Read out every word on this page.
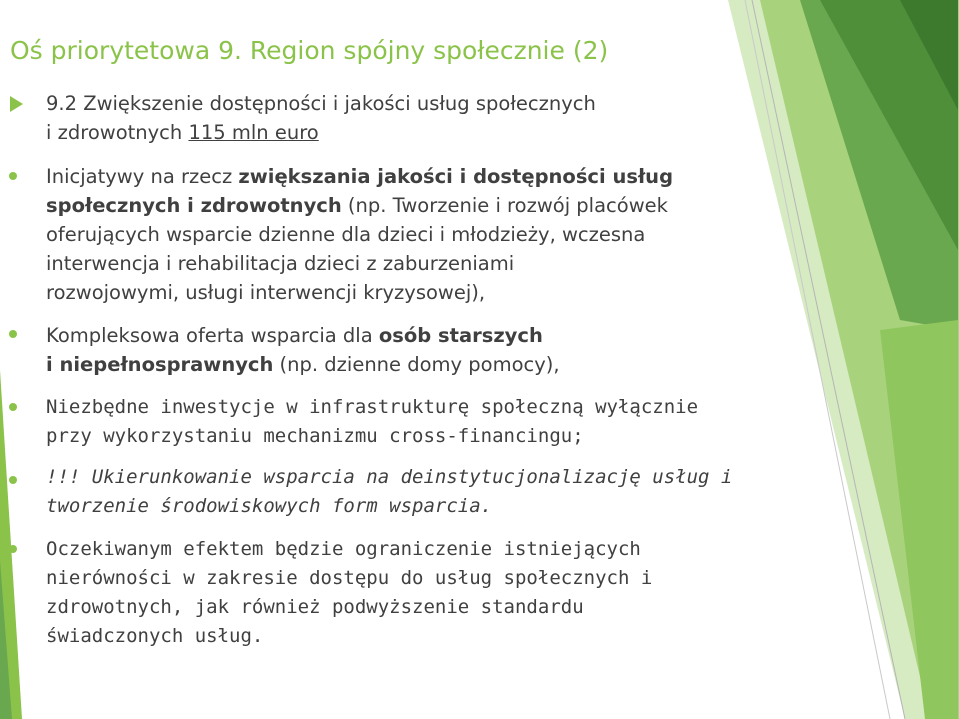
Oś priorytetowa 9. Region spójny społecznie (2)
9.2 Zwiększenie dostępności i jakości usług społecznych
i zdrowotnych 115 mln euro
Inicjatywy na rzecz zwiększania jakości i dostępności usług
społecznych i zdrowotnych (np. Tworzenie i rozwój placówek
oferujących wsparcie dzienne dla dzieci i młodzieży, wczesna
interwencja i rehabilitacja dzieci z zaburzeniami
rozwojowymi, usługi interwencji kryzysowej),
Kompleksowa oferta wsparcia dla osób starszych
i niepełnosprawnych (np. dzienne domy pomocy),
Niezbędne inwestycje w infrastrukturę społeczną wyłącznie
przy wykorzystaniu mechanizmu cross-financingu;
!!! Ukierunkowanie wsparcia na deinstytucjonalizację usług i
tworzenie środowiskowych form wsparcia.
Oczekiwanym efektem będzie ograniczenie istniejących
nierówności w zakresie dostępu do usług społecznych i
zdrowotnych, jak również podwyższenie standardu
świadczonych usług.
